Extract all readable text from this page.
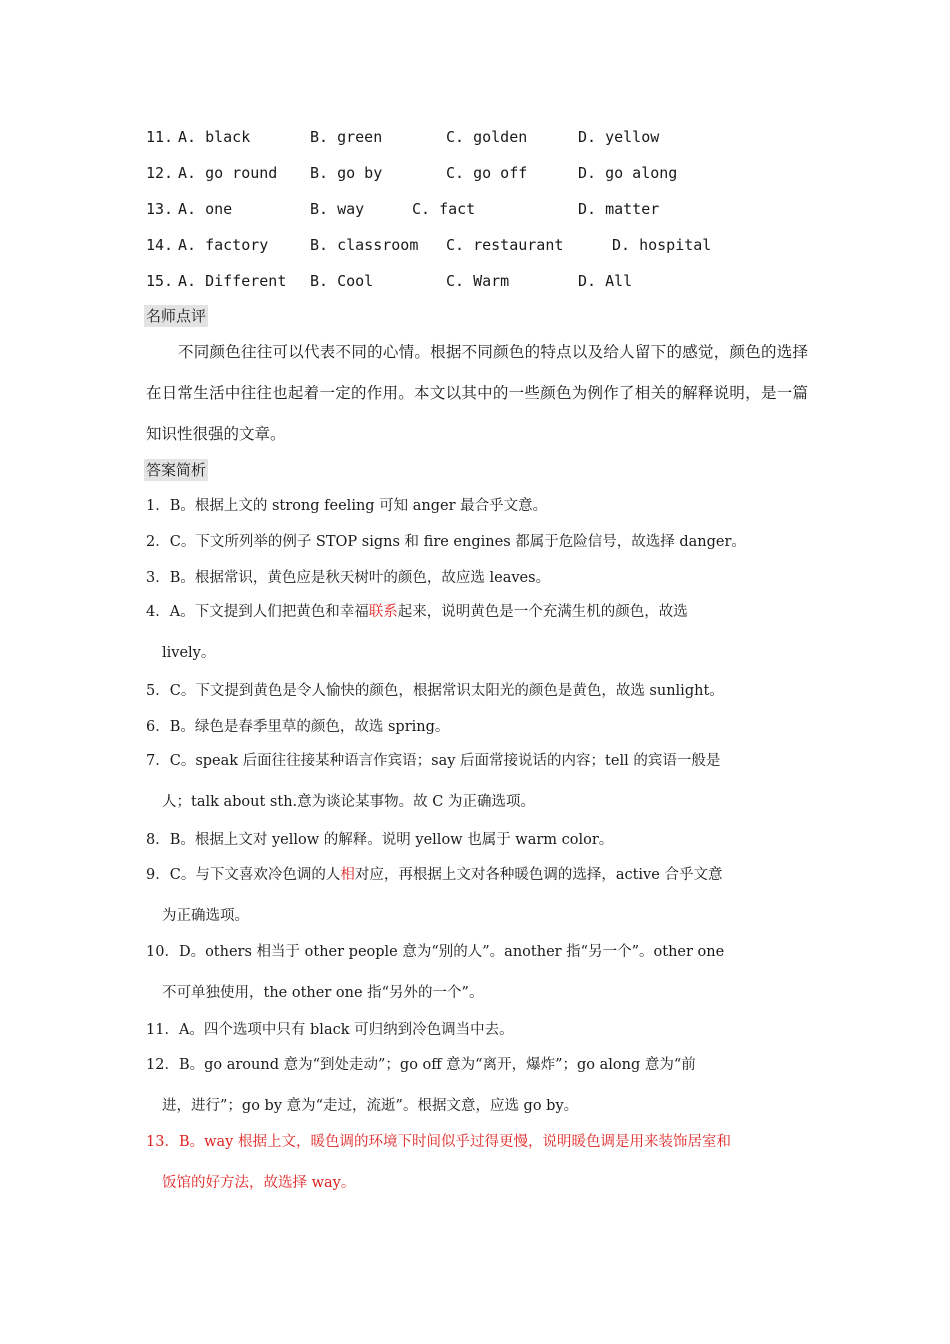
11. A. black	B. green	C. golden	D. yellow
12. A. go round B. go by	C. go off	D. go along
13. A. one	B. way	C. fact	D. matter
14. A. factory	B. classroom C. restaurant	D. hospital
15. A. Different B. Cool	C. Warm	D. All
名师点评
不同颜色往往可以代表不同的心情。根据不同颜色的特点以及给人留下的感觉，颜色的选择在日常生活中往往也起着一定的作用。本文以其中的一些颜色为例作了相关的解释说明，是一篇知识性很强的文章。
答案简析
1．B。根据上文的 strong feeling 可知 anger 最合乎文意。
2．C。下文所列举的例子 STOP signs 和 fire engines 都属于危险信号，故选择 danger。
3．B。根据常识，黄色应是秋天树叶的颜色，故应选 leaves。
4．A。下文提到人们把黄色和幸福联系起来，说明黄色是一个充满生机的颜色，故选
lively。
5．C。下文提到黄色是令人愉快的颜色，根据常识太阳光的颜色是黄色，故选 sunlight。
6．B。绿色是春季里草的颜色，故选 spring。
7．C。speak 后面往往接某种语言作宾语；say 后面常接说话的内容；tell 的宾语一般是
人；talk about sth.意为谈论某事物。故 C 为正确选项。
8．B。根据上文对 yellow 的解释。说明 yellow 也属于 warm color。
9．C。与下文喜欢冷色调的人相对应，再根据上文对各种暖色调的选择，active 合乎文意
为正确选项。
10．D。others 相当于 other people 意为“别的人”。another 指“另一个”。other one
不可单独使用，the other one 指“另外的一个”。
11．A。四个选项中只有 black 可归纳到冷色调当中去。
12．B。go around 意为“到处走动”；go off 意为“离开，爆炸”；go along 意为“前
进，进行”；go by 意为“走过，流逝”。根据文意，应选 go by。
13．B。way 根据上文，暖色调的环境下时间似乎过得更慢，说明暖色调是用来装饰居室和
饭馆的好方法，故选择 way。
